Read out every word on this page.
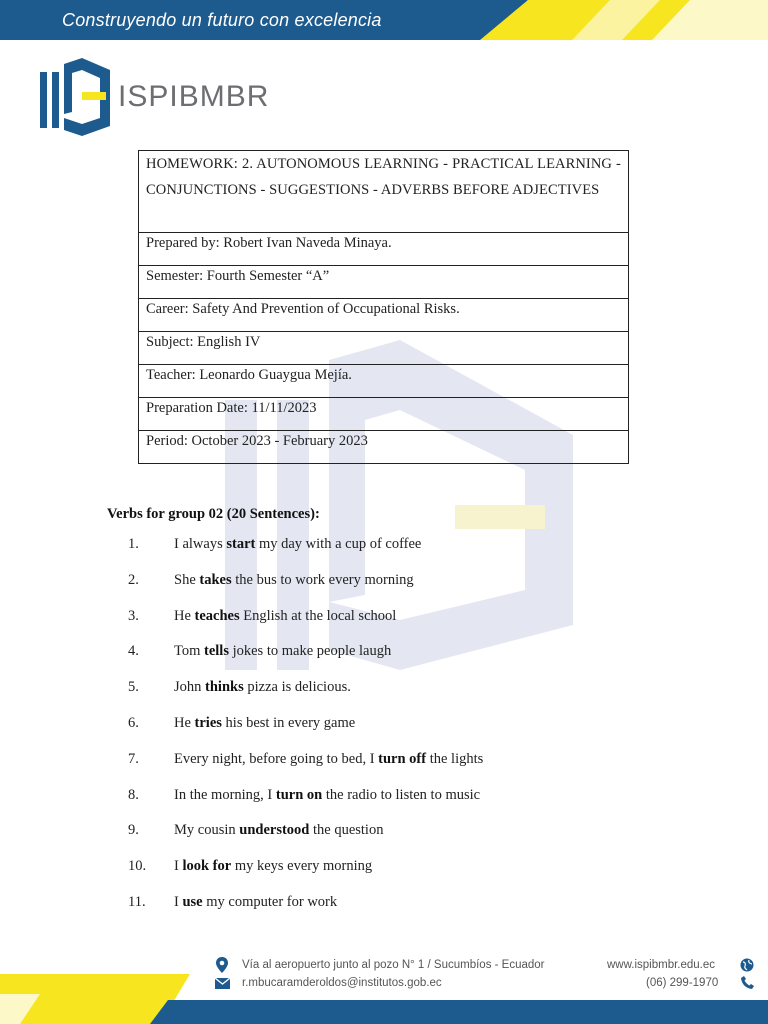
Construyendo un futuro con excelencia
ISPIBMBR
HOMEWORK: 2. AUTONOMOUS LEARNING - PRACTICAL LEARNING - CONJUNCTIONS - SUGGESTIONS - ADVERBS BEFORE ADJECTIVES
Prepared by: Robert Ivan Naveda Minaya.
Semester: Fourth Semester “A”
Career: Safety And Prevention of Occupational Risks.
Subject: English IV
Teacher: Leonardo Guaygua Mejía.
Preparation Date: 11/11/2023
Period: October 2023 - February 2023
Verbs for group 02 (20 Sentences):
1.	I always start my day with a cup of coffee
2.	She takes the bus to work every morning
3.	He teaches English at the local school
4.	Tom tells jokes to make people laugh
5.	John thinks pizza is delicious.
6.	He tries his best in every game
7.	Every night, before going to bed, I turn off the lights
8.	In the morning, I turn on the radio to listen to music
9.	My cousin understood the question
10.	I look for my keys every morning
11.	I use my computer for work
Vía al aeropuerto junto al pozo N° 1 / Sucumbíos - Ecuador
r.mbucaramderoldos@institutos.gob.ec
www.ispibmbr.edu.ec
(06) 299-1970
